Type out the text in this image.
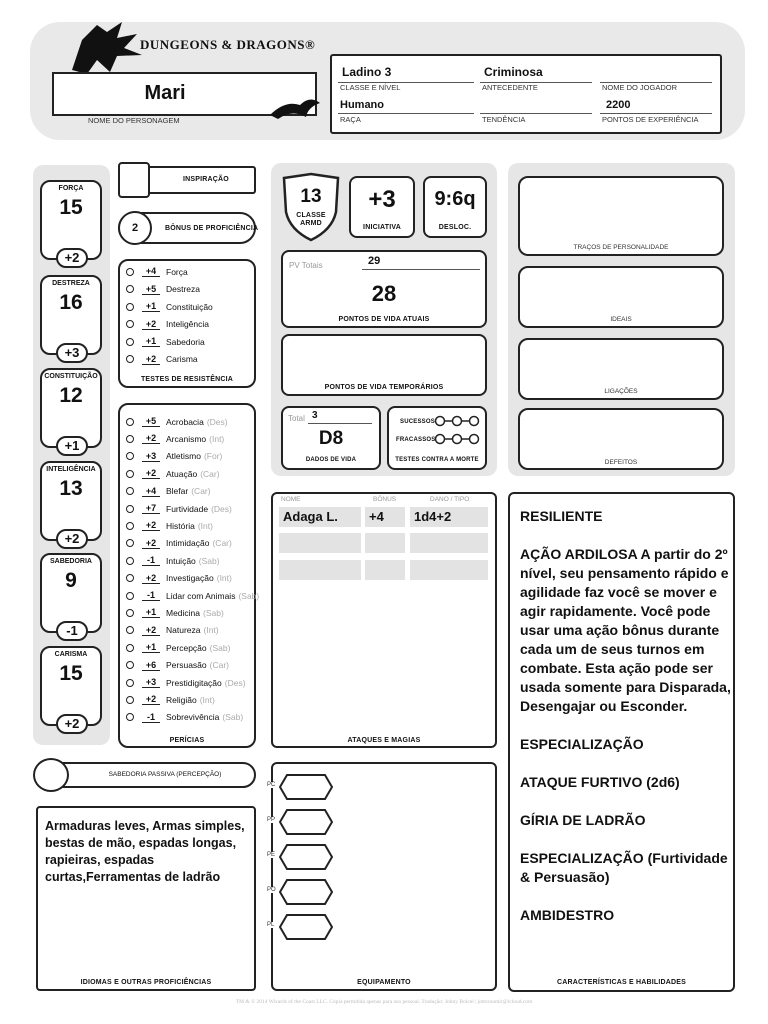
DUNGEONS & DRAGONS®
Mari
NOME DO PERSONAGEM
Ladino 3
CLASSE E NÍVEL
Criminosa
ANTECEDENTE	NOME DO JOGADOR
Humano
RAÇA	TENDÊNCIA
2200
PONTOS DE EXPERIÊNCIA
FORÇA
15
+2
DESTREZA
16
+3
CONSTITUIÇÃO
12
+1
INTELIGÊNCIA
13
+2
SABEDORIA
9
-1
CARISMA
15
+2
INSPIRAÇÃO
2	BÔNUS DE PROFICIÊNCIA
+4	Força
+5	Destreza
+1	Constituição
+2	Inteligência
+1	Sabedoria
+2	Carisma
TESTES DE RESISTÊNCIA
+5	Acrobacia (Des)
+2	Arcanismo (Int)
+3	Atletismo (For)
+2	Atuação (Car)
+4	Blefar (Car)
+7	Furtividade (Des)
+2	História (Int)
+2	Intimidação (Car)
-1	Intuição (Sab)
+2	Investigação (Int)
-1	Lidar com Animais (Sab)
+1	Medicina (Sab)
+2	Natureza (Int)
+1	Percepção (Sab)
+6	Persuasão (Car)
+3	Prestidigitação (Des)
+2	Religião (Int)
-1	Sobrevivência (Sab)
PERÍCIAS
13
CLASSE ARMD
+3
INICIATIVA
9:6q
DESLOC.
PV Totais	29
28
PONTOS DE VIDA ATUAIS
PONTOS DE VIDA TEMPORÁRIOS
Total 3
D8
DADOS DE VIDA
SUCESSOS
FRACASSOS
TESTES CONTRA A MORTE
TRAÇOS DE PERSONALIDADE
IDEAIS
LIGAÇÕES
DEFEITOS
NOME	BÔNUS	DANO / TIPO
Adaga L. +4 1d4+2
ATAQUES E MAGIAS
RESILIENTE
AÇÃO ARDILOSA A partir do 2º nível, seu pensamento rápido e agilidade faz você se mover e agir rapidamente. Você pode usar uma ação bônus durante cada um de seus turnos em combate. Esta ação pode ser usada somente para Disparada, Desengajar ou Esconder.
ESPECIALIZAÇÃO
ATAQUE FURTIVO (2d6)
GÍRIA DE LADRÃO
ESPECIALIZAÇÃO (Furtividade & Persuasão)
AMBIDESTRO
CARACTERÍSTICAS E HABILIDADES
SABEDORIA PASSIVA (PERCEPÇÃO)
Armaduras leves, Armas simples, bestas de mão, espadas longas, rapieiras, espadas curtas,Ferramentas de ladrão
IDIOMAS E OUTRAS PROFICIÊNCIAS
PC
PP
PE
PO
PL
EQUIPAMENTO
TM & © 2014 Wizards of the Coast LLC. Cópia permitida apenas para uso pessoal. Tradução: Johny Bolcel | jottoronmir@icloud.com
